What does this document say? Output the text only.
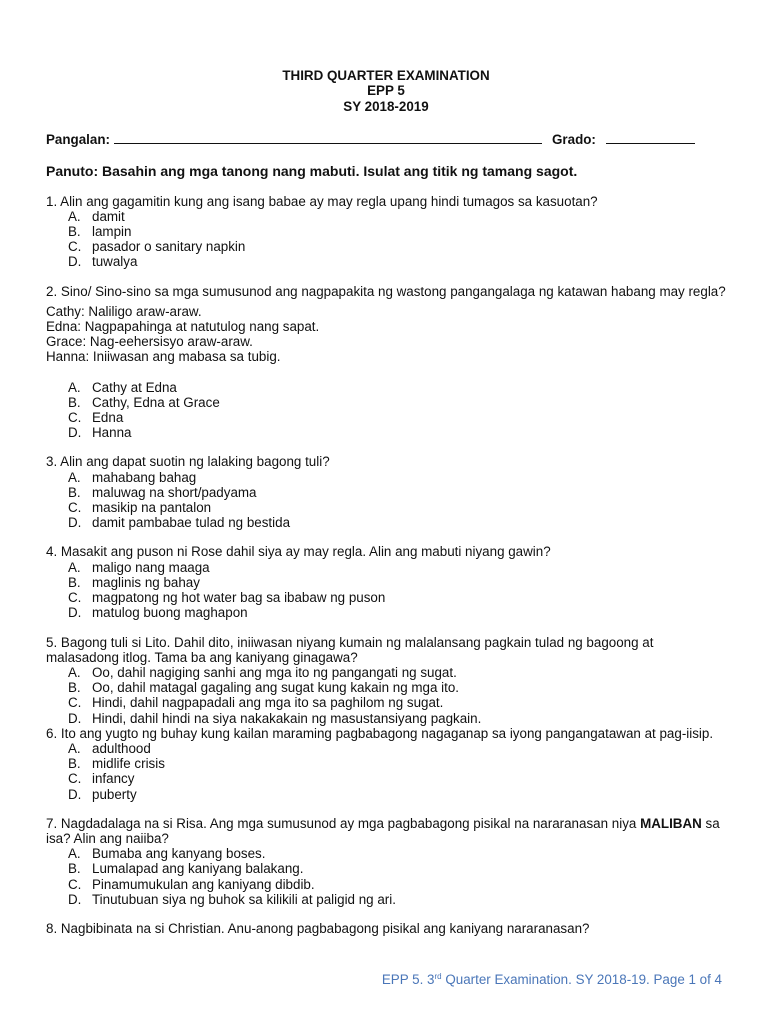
THIRD QUARTER EXAMINATION
EPP 5
SY 2018-2019
Pangalan:	Grado:
Panuto: Basahin ang mga tanong nang mabuti. Isulat ang titik ng tamang sagot.
1. Alin ang gagamitin kung ang isang babae ay may regla upang hindi tumagos sa kasuotan?
A. damit
B. lampin
C. pasador o sanitary napkin
D. tuwalya
2. Sino/ Sino-sino sa mga sumusunod ang nagpapakita ng wastong pangangalaga ng katawan habang may regla?
Cathy: Naliligo araw-araw.
Edna: Nagpapahinga at natutulog nang sapat.
Grace: Nag-eehersisyo araw-araw.
Hanna: Iniiwasan ang mabasa sa tubig.
A. Cathy at Edna
B. Cathy, Edna at Grace
C. Edna
D. Hanna
3. Alin ang dapat suotin ng lalaking bagong tuli?
A. mahabang bahag
B. maluwag na short/padyama
C. masikip na pantalon
D. damit pambabae tulad ng bestida
4. Masakit ang puson ni Rose dahil siya ay may regla. Alin ang mabuti niyang gawin?
A. maligo nang maaga
B. maglinis ng bahay
C. magpatong ng hot water bag sa ibabaw ng puson
D. matulog buong maghapon
5. Bagong tuli si Lito. Dahil dito, iniiwasan niyang kumain ng malalansang pagkain tulad ng bagoong at malasadong itlog. Tama ba ang kaniyang ginagawa?
A. Oo, dahil nagiging sanhi ang mga ito ng pangangati ng sugat.
B. Oo, dahil matagal gagaling ang sugat kung kakain ng mga ito.
C. Hindi, dahil nagpapadali ang mga ito sa paghilom ng sugat.
D. Hindi, dahil hindi na siya nakakakain ng masustansiyang pagkain.
6. Ito ang yugto ng buhay kung kailan maraming pagbabagong nagaganap sa iyong pangangatawan at pag-iisip.
A. adulthood
B. midlife crisis
C. infancy
D. puberty
7. Nagdadalaga na si Risa. Ang mga sumusunod ay mga pagbabagong pisikal na nararanasan niya MALIBAN sa isa? Alin ang naiiba?
A. Bumaba ang kanyang boses.
B. Lumalapad ang kaniyang balakang.
C. Pinamumukulan ang kaniyang dibdib.
D. Tinutubuan siya ng buhok sa kilikili at paligid ng ari.
8. Nagbibinata na si Christian. Anu-anong pagbabagong pisikal ang kaniyang nararanasan?
EPP 5. 3rd Quarter Examination. SY 2018-19. Page 1 of 4
